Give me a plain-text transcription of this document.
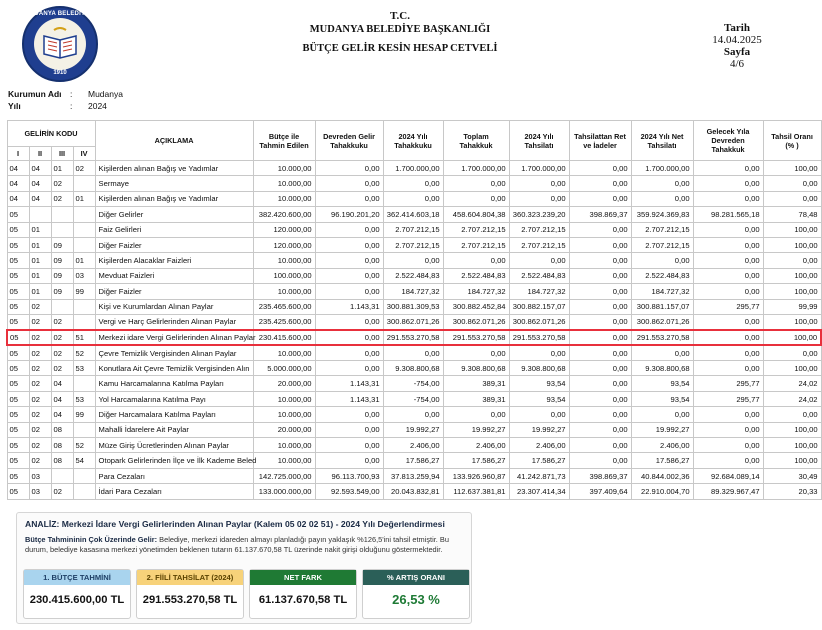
MUDANYA BELEDİYESİ
1910
T.C.
MUDANYA BELEDİYE BAŞKANLIĞI
BÜTÇE GELİR KESİN HESAP CETVELİ
Tarih
14.04.2025
Sayfa
4/6
Kurumun Adı :	Mudanya
Yılı	:	2024
GELİRİN KODU				AÇIKLAMA	Bütçe ile Tahmin Edilen	Devreden Gelir Tahakkuku	2024 Yılı Tahakkuku	Toplam Tahakkuk	2024 Yılı Tahsilatı	Tahsilattan Ret ve İadeler	2024 Yılı Net Tahsilatı	Gelecek Yıla Devreden Tahakkuk	Tahsil Oranı (% )
I	II	III	IV										
04	04	01	02	Kişilerden alınan Bağış ve Yadımlar	10.000,00	0,00	1.700.000,00	1.700.000,00	1.700.000,00	0,00	1.700.000,00	0,00	100,00
04	04	02		Sermaye	10.000,00	0,00	0,00	0,00	0,00	0,00	0,00	0,00	0,00
04	04	02	01	Kişilerden alınan Bağış ve Yadımlar	10.000,00	0,00	0,00	0,00	0,00	0,00	0,00	0,00	0,00
05				Diğer Gelirler	382.420.600,00	96.190.201,20	362.414.603,18	458.604.804,38	360.323.239,20	398.869,37	359.924.369,83	98.281.565,18	78,48
05	01			Faiz Gelirleri	120.000,00	0,00	2.707.212,15	2.707.212,15	2.707.212,15	0,00	2.707.212,15	0,00	100,00
05	01	09		Diğer Faizler	120.000,00	0,00	2.707.212,15	2.707.212,15	2.707.212,15	0,00	2.707.212,15	0,00	100,00
05	01	09	01	Kişilerden Alacaklar Faizleri	10.000,00	0,00	0,00	0,00	0,00	0,00	0,00	0,00	0,00
05	01	09	03	Mevduat Faizleri	100.000,00	0,00	2.522.484,83	2.522.484,83	2.522.484,83	0,00	2.522.484,83	0,00	100,00
05	01	09	99	Diğer Faizler	10.000,00	0,00	184.727,32	184.727,32	184.727,32	0,00	184.727,32	0,00	100,00
05	02			Kişi ve Kurumlardan Alınan Paylar	235.465.600,00	1.143,31	300.881.309,53	300.882.452,84	300.882.157,07	0,00	300.881.157,07	295,77	99,99
05	02	02		Vergi ve Harç Gelirlerinden Alınan Paylar	235.425.600,00	0,00	300.862.071,26	300.862.071,26	300.862.071,26	0,00	300.862.071,26	0,00	100,00
05	02	02	51	Merkezi idare Vergi Gelirlerinden Alınan Paylar	230.415.600,00	0,00	291.553.270,58	291.553.270,58	291.553.270,58	0,00	291.553.270,58	0,00	100,00
05	02	02	52	Çevre Temizlik Vergisinden Alınan Paylar	10.000,00	0,00	0,00	0,00	0,00	0,00	0,00	0,00	0,00
05	02	02	53	Konutlara Ait Çevre Temizlik Vergisinden Alın	5.000.000,00	0,00	9.308.800,68	9.308.800,68	9.308.800,68	0,00	9.308.800,68	0,00	100,00
05	02	04		Kamu Harcamalarına Katılma Payları	20.000,00	1.143,31	-754,00	389,31	93,54	0,00	93,54	295,77	24,02
05	02	04	53	Yol Harcamalarına Katılma Payı	10.000,00	1.143,31	-754,00	389,31	93,54	0,00	93,54	295,77	24,02
05	02	04	99	Diğer Harcamalara Katılma Payları	10.000,00	0,00	0,00	0,00	0,00	0,00	0,00	0,00	0,00
05	02	08		Mahalli İdarelere Ait Paylar	20.000,00	0,00	19.992,27	19.992,27	19.992,27	0,00	19.992,27	0,00	100,00
05	02	08	52	Müze Giriş Ücretlerinden Alınan Paylar	10.000,00	0,00	2.406,00	2.406,00	2.406,00	0,00	2.406,00	0,00	100,00
05	02	08	54	Otopark Gelirlerinden İlçe ve İlk Kademe Beled	10.000,00	0,00	17.586,27	17.586,27	17.586,27	0,00	17.586,27	0,00	100,00
05	03			Para Cezaları	142.725.000,00	96.113.700,93	37.813.259,94	133.926.960,87	41.242.871,73	398.869,37	40.844.002,36	92.684.089,14	30,49
05	03	02		İdari Para Cezaları	133.000.000,00	92.593.549,00	20.043.832,81	112.637.381,81	23.307.414,34	397.409,64	22.910.004,70	89.329.967,47	20,33
ANALİZ: Merkezi İdare Vergi Gelirlerinden Alınan Paylar (Kalem 05 02 02 51) - 2024 Yılı Değerlendirmesi
Bütçe Tahmininin Çok Üzerinde Gelir: Belediye, merkezi idareden almayı planladığı payın yaklaşık %126,5'ini tahsil etmiştir. Bu durum, belediye kasasına merkezi yönetimden beklenen tutarın 61.137.670,58 TL üzerinde nakit girişi olduğunu göstermektedir.
1. BÜTÇE TAHMİNİ
230.415.600,00 TL
2. FİİLİ TAHSİLAT (2024)
291.553.270,58 TL
NET FARK
61.137.670,58 TL
% ARTIŞ ORANI
26,53 %
